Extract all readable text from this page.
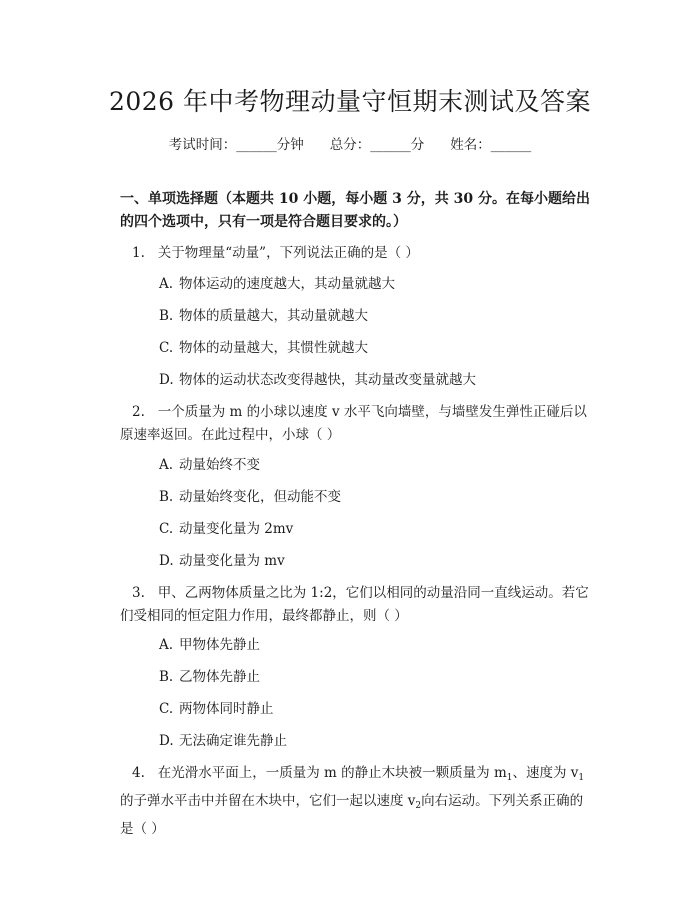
2026 年中考物理动量守恒期末测试及答案
考试时间：______分钟 总分：______分 姓名：______
一、单项选择题（本题共 10 小题，每小题 3 分，共 30 分。在每小题给出的四个选项中，只有一项是符合题目要求的。）
1. 关于物理量“动量”，下列说法正确的是（ ）
A. 物体运动的速度越大，其动量就越大
B. 物体的质量越大，其动量就越大
C. 物体的动量越大，其惯性就越大
D. 物体的运动状态改变得越快，其动量改变量就越大
2. 一个质量为 m 的小球以速度 v 水平飞向墙壁，与墙壁发生弹性正碰后以原速率返回。在此过程中，小球（ ）
A. 动量始终不变
B. 动量始终变化，但动能不变
C. 动量变化量为 2mv
D. 动量变化量为 mv
3. 甲、乙两物体质量之比为 1:2，它们以相同的动量沿同一直线运动。若它们受相同的恒定阻力作用，最终都静止，则（ ）
A. 甲物体先静止
B. 乙物体先静止
C. 两物体同时静止
D. 无法确定谁先静止
4. 在光滑水平面上，一质量为 m 的静止木块被一颗质量为 $m_1$、速度为 $v_1$的子弹水平击中并留在木块中，它们一起以速度 $v_2$向右运动。下列关系正确的是（ ）
